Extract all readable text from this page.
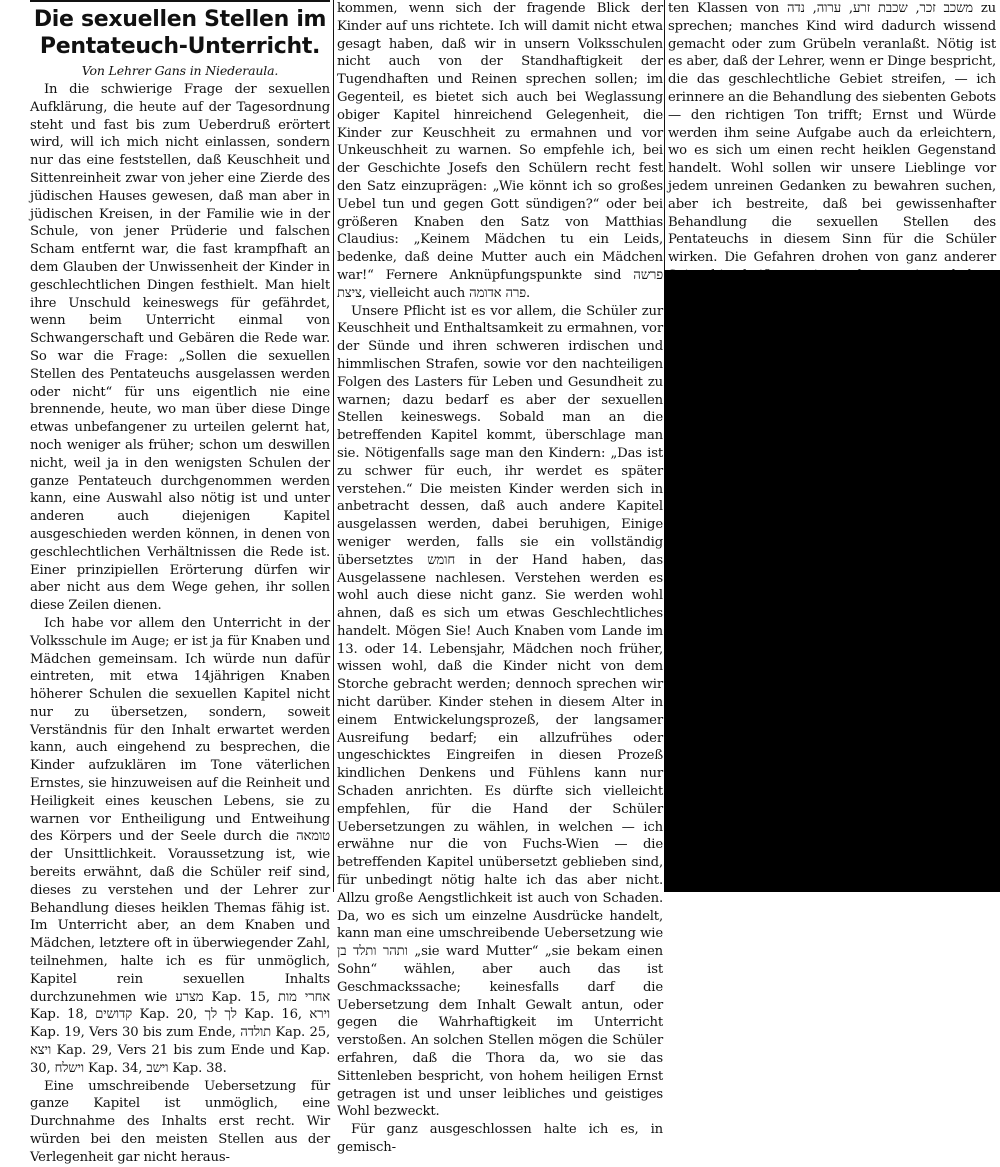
Die sexuellen Stellen im
Pentateuch-Unterricht.
Von Lehrer Gans in Niederaula.

In die schwierige Frage der sexuellen Aufklärung, die heute auf der Tagesordnung steht und fast bis zum Ueberdruß erörtert wird, will ich mich nicht einlassen, sondern nur das eine feststellen, daß Keuschheit und Sittenreinheit zwar von jeher eine Zierde des jüdischen Hauses gewesen, daß man aber in jüdischen Kreisen, in der Familie wie in der Schule, von jener Prüderie und falschen Scham entfernt war, die fast krampfhaft an dem Glauben der Unwissenheit der Kinder in geschlechtlichen Dingen festhielt. Man hielt ihre Unschuld keineswegs für gefährdet, wenn beim Unterricht einmal von Schwangerschaft und Gebären die Rede war. So war die Frage: „Sollen die sexuellen Stellen des Pentateuchs ausgelassen werden oder nicht“ für uns eigentlich nie eine brennende, heute, wo man über diese Dinge etwas unbefangener zu urteilen gelernt hat, noch weniger als früher; schon um deswillen nicht, weil ja in den wenigsten Schulen der ganze Pentateuch durchgenommen werden kann, eine Auswahl also nötig ist und unter anderen auch diejenigen Kapitel ausgeschieden werden können, in denen von geschlechtlichen Verhältnissen die Rede ist. Einer prinzipiellen Erörterung dürfen wir aber nicht aus dem Wege gehen, ihr sollen diese Zeilen dienen.

Ich habe vor allem den Unterricht in der Volksschule im Auge; er ist ja für Knaben und Mädchen gemeinsam. Ich würde nun dafür eintreten, mit etwa 14jährigen Knaben höherer Schulen die sexuellen Kapitel nicht nur zu übersetzen, sondern, soweit Verständnis für den Inhalt erwartet werden kann, auch eingehend zu besprechen, die Kinder aufzuklären im Tone väterlichen Ernstes, sie hinzuweisen auf die Reinheit und Heiligkeit eines keuschen Lebens, sie zu warnen vor Entheiligung und Entweihung des Körpers und der Seele durch die טומאה der Unsittlichkeit. Voraussetzung ist, wie bereits erwähnt, daß die Schüler reif sind, dieses zu verstehen und der Lehrer zur Behandlung dieses heiklen Themas fähig ist. Im Unterricht aber, an dem Knaben und Mädchen, letztere oft in überwiegender Zahl, teilnehmen, halte ich es für unmöglich, Kapitel rein sexuellen Inhalts durchzunehmen wie מצרע Kap. 15, אחרי מות Kap. 18, קדושים Kap. 20, לך לך Kap. 16, וירא Kap. 19, Vers 30 bis zum Ende, תולדה Kap. 25, ויצא Kap. 29, Vers 21 bis zum Ende und Kap. 30, וישלח Kap. 34, וישב Kap. 38.

Eine umschreibende Uebersetzung für ganze Kapitel ist unmöglich, eine Durchnahme des Inhalts erst recht. Wir würden bei den meisten Stellen aus der Verlegenheit gar nicht heraus-

kommen, wenn sich der fragende Blick der Kinder auf uns richtete. Ich will damit nicht etwa gesagt haben, daß wir in unsern Volksschulen nicht auch von der Standhaftigkeit der Tugendhaften und Reinen sprechen sollen; im Gegenteil, es bietet sich auch bei Weglassung obiger Kapitel hinreichend Gelegenheit, die Kinder zur Keuschheit zu ermahnen und vor Unkeuschheit zu warnen. So empfehle ich, bei der Geschichte Josefs den Schülern recht fest den Satz einzuprägen: „Wie könnt ich so großes Uebel tun und gegen Gott sündigen?“ oder bei größeren Knaben den Satz von Matthias Claudius: „Keinem Mädchen tu ein Leids, bedenke, daß deine Mutter auch ein Mädchen war!“ Fernere Anknüpfungspunkte sind פרשה ציצת, vielleicht auch פרה אדומה.

Unsere Pflicht ist es vor allem, die Schüler zur Keuschheit und Enthaltsamkeit zu ermahnen, vor der Sünde und ihren schweren irdischen und himmlischen Strafen, sowie vor den nachteiligen Folgen des Lasters für Leben und Gesundheit zu warnen; dazu bedarf es aber der sexuellen Stellen keineswegs. Sobald man an die betreffenden Kapitel kommt, überschlage man sie. Nötigenfalls sage man den Kindern: „Das ist zu schwer für euch, ihr werdet es später verstehen.“ Die meisten Kinder werden sich in anbetracht dessen, daß auch andere Kapitel ausgelassen werden, dabei beruhigen, Einige weniger werden, falls sie ein vollständig übersetztes חומש in der Hand haben, das Ausgelassene nachlesen. Verstehen werden es wohl auch diese nicht ganz. Sie werden wohl ahnen, daß es sich um etwas Geschlechtliches handelt. Mögen Sie! Auch Knaben vom Lande im 13. oder 14. Lebensjahr, Mädchen noch früher, wissen wohl, daß die Kinder nicht von dem Storche gebracht werden; dennoch sprechen wir nicht darüber. Kinder stehen in diesem Alter in einem Entwickelungsprozeß, der langsamer Ausreifung bedarf; ein allzufrühes oder ungeschicktes Eingreifen in diesen Prozeß kindlichen Denkens und Fühlens kann nur Schaden anrichten. Es dürfte sich vielleicht empfehlen, für die Hand der Schüler Uebersetzungen zu wählen, in welchen — ich erwähne nur die von Fuchs-Wien — die betreffenden Kapitel unübersetzt geblieben sind, für unbedingt nötig halte ich das aber nicht. Allzu große Aengstlichkeit ist auch von Schaden. Da, wo es sich um einzelne Ausdrücke handelt, kann man eine umschreibende Uebersetzung wie ותהר ותלד בן „sie ward Mutter“ „sie bekam einen Sohn“ wählen, aber auch das ist Geschmackssache; keinesfalls darf die Uebersetzung dem Inhalt Gewalt antun, oder gegen die Wahrhaftigkeit im Unterricht verstoßen. An solchen Stellen mögen die Schüler erfahren, daß die Thora da, wo sie das Sittenleben bespricht, von hohem heiligen Ernst getragen ist und unser leibliches und geistiges Wohl bezweckt.

Für ganz ausgeschlossen halte ich es, in gemisch-

ten Klassen von משכב זכר, שכבת זרע, ערוה, נדה zu sprechen; manches Kind wird dadurch wissend gemacht oder zum Grübeln veranlaßt. Nötig ist es aber, daß der Lehrer, wenn er Dinge bespricht, die das geschlechtliche Gebiet streifen, — ich erinnere an die Behandlung des siebenten Gebots — den richtigen Ton trifft; Ernst und Würde werden ihm seine Aufgabe auch da erleichtern, wo es sich um einen recht heiklen Gegenstand handelt. Wohl sollen wir unsere Lieblinge vor jedem unreinen Gedanken zu bewahren suchen, aber ich bestreite, daß bei gewissenhafter Behandlung die sexuellen Stellen des Pentateuchs in diesem Sinn für die Schüler wirken. Die Gefahren drohen von ganz anderer
